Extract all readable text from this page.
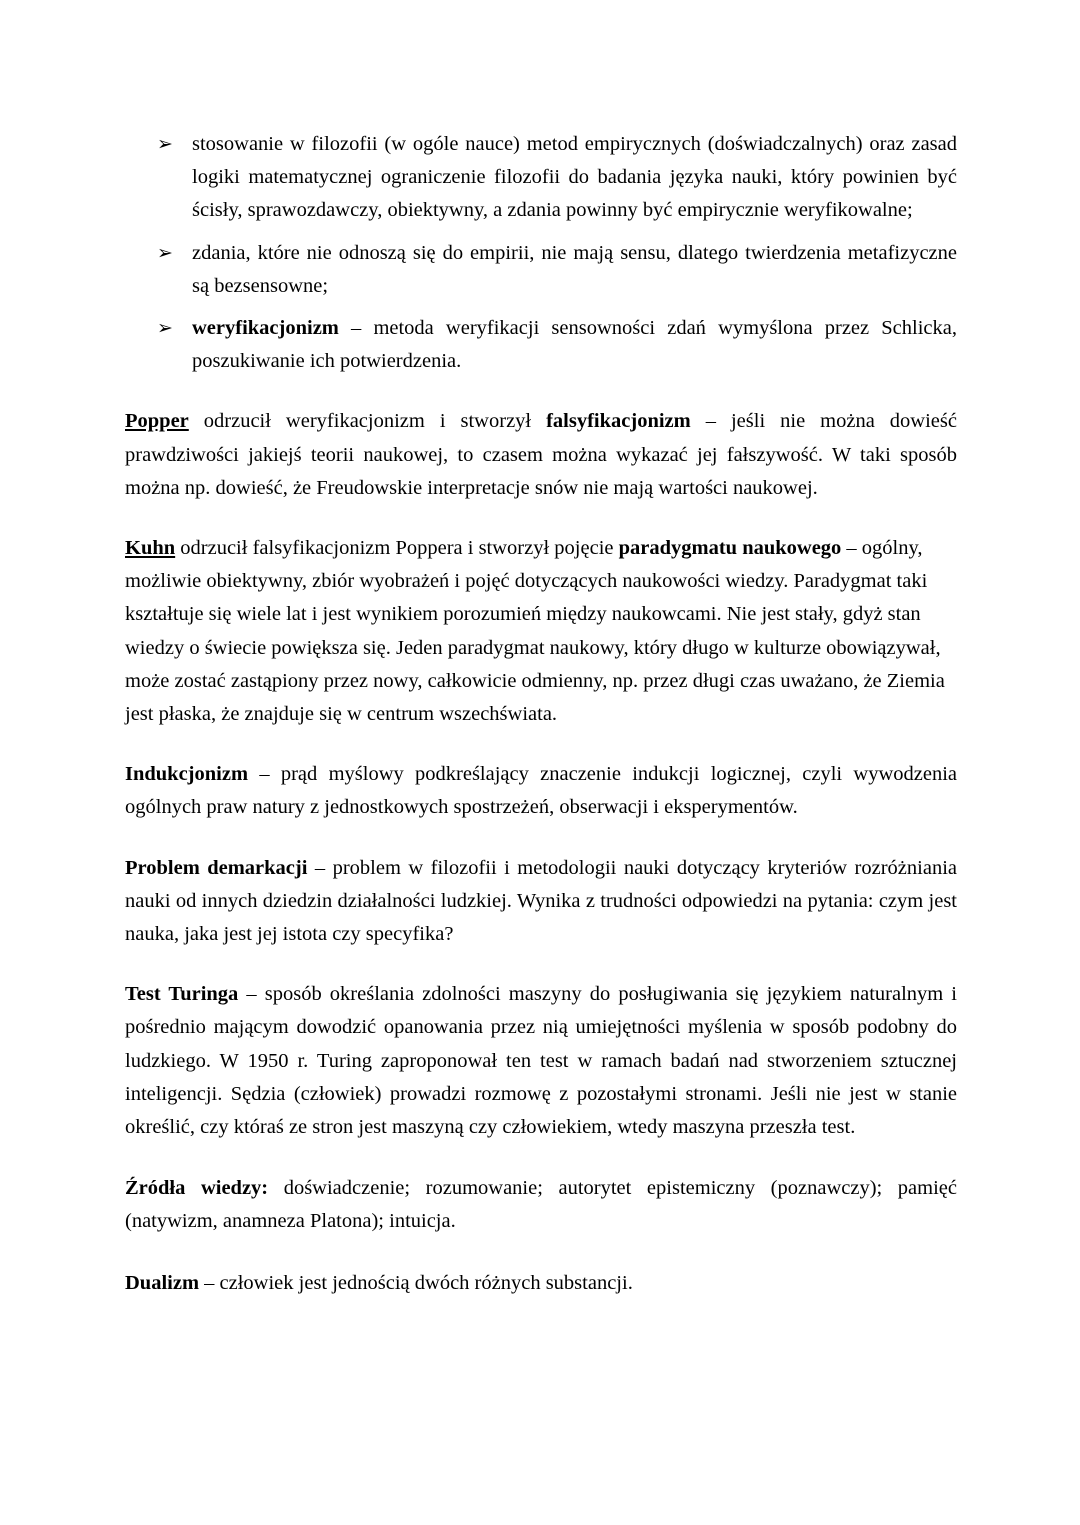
➢ stosowanie w filozofii (w ogóle nauce) metod empirycznych (doświadczalnych) oraz zasad logiki matematycznej ograniczenie filozofii do badania języka nauki, który powinien być ścisły, sprawozdawczy, obiektywny, a zdania powinny być empirycznie weryfikowalne;
➢ zdania, które nie odnoszą się do empirii, nie mają sensu, dlatego twierdzenia metafizyczne są bezsensowne;
➢ weryfikacjonizm – metoda weryfikacji sensowności zdań wymyślona przez Schlicka, poszukiwanie ich potwierdzenia.

Popper odrzucił weryfikacjonizm i stworzył falsyfikacjonizm – jeśli nie można dowieść prawdziwości jakiejś teorii naukowej, to czasem można wykazać jej fałszywość. W taki sposób można np. dowieść, że Freudowskie interpretacje snów nie mają wartości naukowej.

Kuhn odrzucił falsyfikacjonizm Poppera i stworzył pojęcie paradygmatu naukowego – ogólny, możliwie obiektywny, zbiór wyobrażeń i pojęć dotyczących naukowości wiedzy. Paradygmat taki kształtuje się wiele lat i jest wynikiem porozumień między naukowcami. Nie jest stały, gdyż stan wiedzy o świecie powiększa się. Jeden paradygmat naukowy, który długo w kulturze obowiązywał, może zostać zastąpiony przez nowy, całkowicie odmienny, np. przez długi czas uważano, że Ziemia jest płaska, że znajduje się w centrum wszechświata.

Indukcjonizm – prąd myślowy podkreślający znaczenie indukcji logicznej, czyli wywodzenia ogólnych praw natury z jednostkowych spostrzeżeń, obserwacji i eksperymentów.

Problem demarkacji – problem w filozofii i metodologii nauki dotyczący kryteriów rozróżniania nauki od innych dziedzin działalności ludzkiej. Wynika z trudności odpowiedzi na pytania: czym jest nauka, jaka jest jej istota czy specyfika?

Test Turinga – sposób określania zdolności maszyny do posługiwania się językiem naturalnym i pośrednio mającym dowodzić opanowania przez nią umiejętności myślenia w sposób podobny do ludzkiego. W 1950 r. Turing zaproponował ten test w ramach badań nad stworzeniem sztucznej inteligencji. Sędzia (człowiek) prowadzi rozmowę z pozostałymi stronami. Jeśli nie jest w stanie określić, czy któraś ze stron jest maszyną czy człowiekiem, wtedy maszyna przeszła test.

Źródła wiedzy: doświadczenie; rozumowanie; autorytet epistemiczny (poznawczy); pamięć (natywizm, anamneza Platona); intuicja.

Dualizm – człowiek jest jednością dwóch różnych substancji.
